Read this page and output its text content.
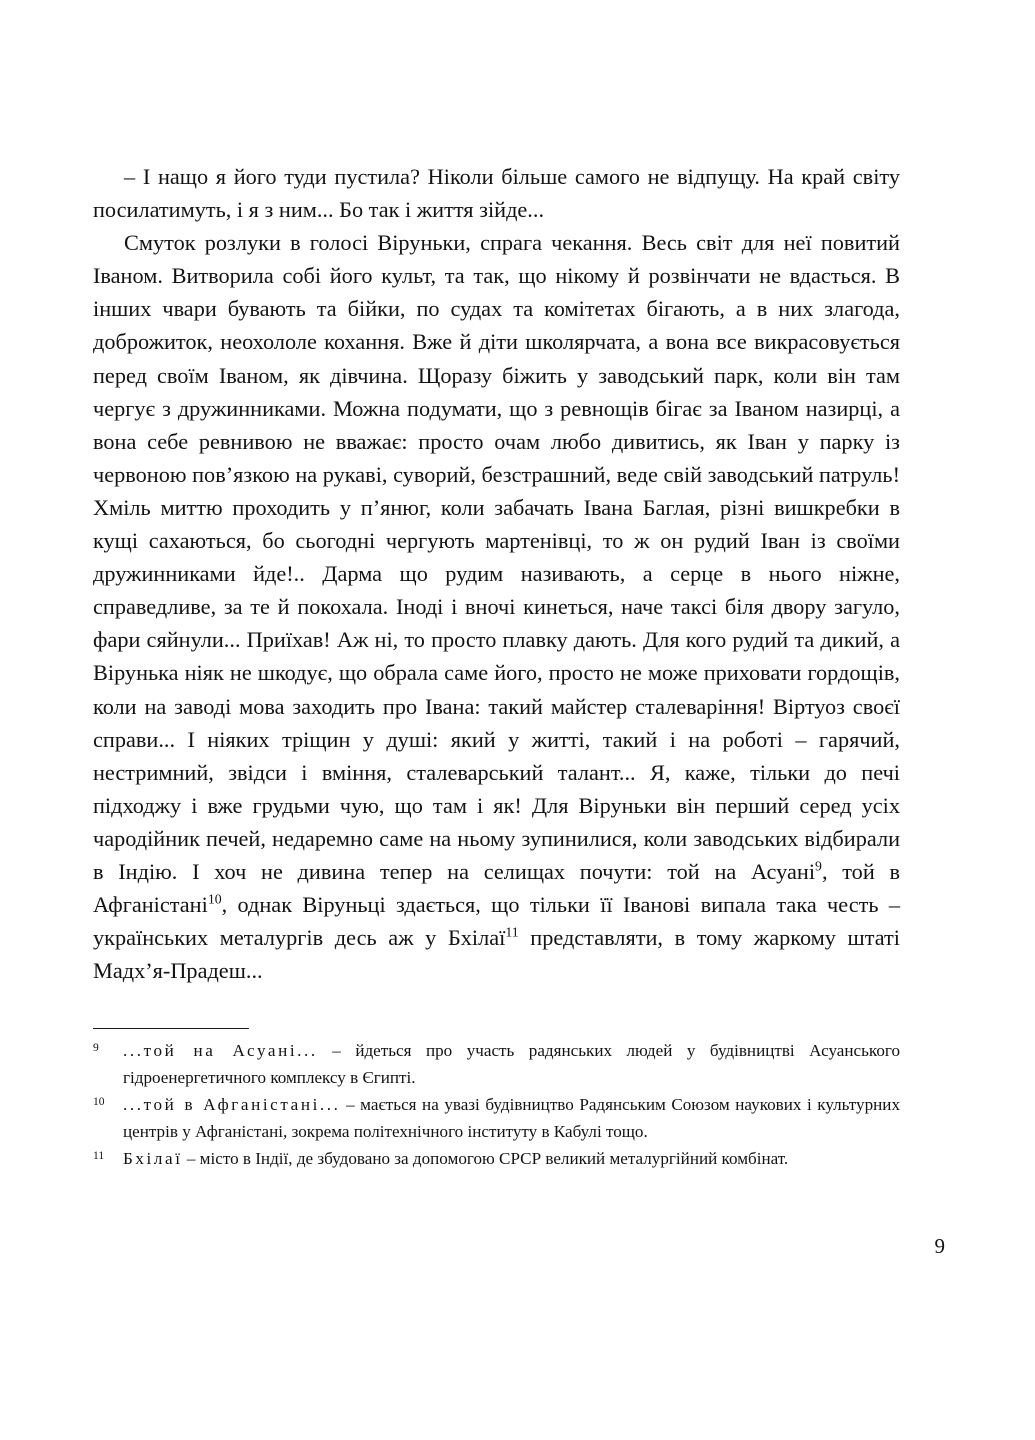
– І нащо я його туди пустила? Ніколи більше самого не відпущу. На край світу посилатимуть, і я з ним... Бо так і життя зійде...

Смуток розлуки в голосі Віруньки, спрага чекання. Весь світ для неї повитий Іваном. Витворила собі його культ, та так, що нікому й розвінчати не вдасться. В інших чвари бувають та бійки, по судах та комітетах бігають, а в них злагода, доброжиток, неохололе кохання. Вже й діти школярчата, а вона все викрасовується перед своїм Іваном, як дівчина. Щоразу біжить у заводський парк, коли він там чергує з дружинниками. Можна подумати, що з ревнощів бігає за Іваном назирці, а вона себе ревнивою не вважає: просто очам любо дивитись, як Іван у парку із червоною пов’язкою на рукаві, суворий, безстрашний, веде свій заводський патруль! Хміль миттю проходить у п’янюг, коли забачать Івана Баглая, різні вишкребки в кущі сахаються, бо сьогодні чергують мартенівці, то ж он рудий Іван із своїми дружинниками йде!.. Дарма що рудим називають, а серце в нього ніжне, справедливе, за те й покохала. Іноді і вночі кинеться, наче таксі біля двору загуло, фари сяйнули... Приїхав! Аж ні, то просто плавку дають. Для кого рудий та дикий, а Вірунька ніяк не шкодує, що обрала саме його, просто не може приховати гордощів, коли на заводі мова заходить про Івана: такий майстер сталеваріння! Віртуоз своєї справи... І ніяких тріщин у душі: який у житті, такий і на роботі – гарячий, нестримний, звідси і вміння, сталеварський талант... Я, каже, тільки до печі підходжу і вже грудьми чую, що там і як! Для Віруньки він перший серед усіх чародійник печей, недаремно саме на ньому зупинилися, коли заводських відбирали в Індію. І хоч не дивина тепер на селищах почути: той на Асуані$^9$, той в Афганістані$^{10}$, однак Віруньці здається, що тільки її Іванові випала така честь – українських металургів десь аж у Бхілаї$^{11}$ представляти, в тому жаркому штаті Мадх’я-Прадеш...

9	...той на Асуані... – йдеться про участь радянських людей у будівництві Асуанського гідроенергетичного комплексу в Єгипті.
10	...той в Афганістані... – мається на увазі будівництво Радянським Союзом наукових і культурних центрів у Афганістані, зокрема політехнічного інституту в Кабулі тощо.
11	Бхілаї – місто в Індії, де збудовано за допомогою СРСР великий металургійний комбінат.
9
